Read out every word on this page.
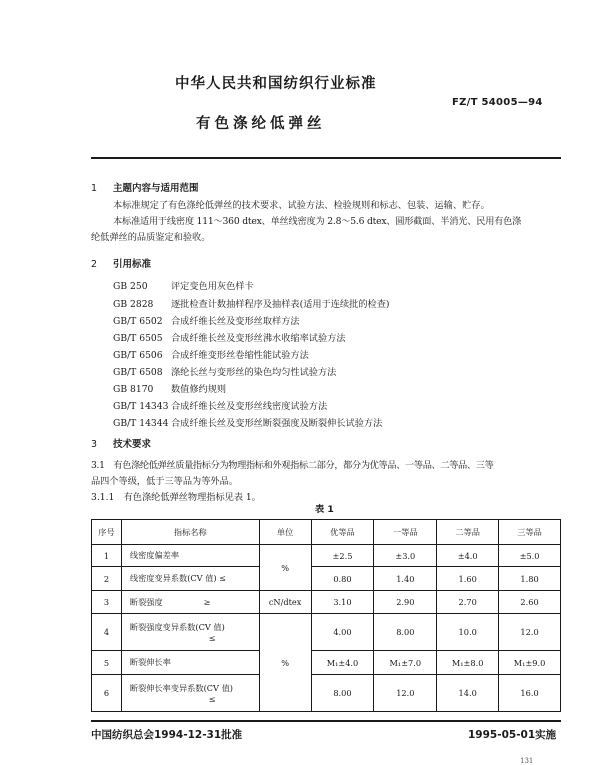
中华人民共和国纺织行业标准
FZ/T 54005—94
有色涤纶低弹丝
1 主题内容与适用范围
本标准规定了有色涤纶低弹丝的技术要求、试验方法、检验规则和标志、包装、运输、贮存。
本标准适用于线密度 111～360 dtex、单丝线密度为 2.8～5.6 dtex、圆形截面、半消光、民用有色涤
纶低弹丝的品质鉴定和验收。
2 引用标准
GB 250	评定变色用灰色样卡
GB 2828 逐批检查计数抽样程序及抽样表(适用于连续批的检查)
GB/T 6502 合成纤维长丝及变形丝取样方法
GB/T 6505 合成纤维长丝及变形丝沸水收缩率试验方法
GB/T 6506 合成纤维变形丝卷缩性能试验方法
GB/T 6508 涤纶长丝与变形丝的染色均匀性试验方法
GB 8170 数值修约规则
GB/T 14343 合成纤维长丝及变形丝线密度试验方法
GB/T 14344 合成纤维长丝及变形丝断裂强度及断裂伸长试验方法
3 技术要求
3.1　有色涤纶低弹丝质量指标分为物理指标和外观指标二部分，都分为优等品、一等品、二等品、三等
品四个等级，低于三等品为等外品。
3.1.1　有色涤纶低弹丝物理指标见表 1。
表 1
序号	指标名称	单位	优等品	一等品	二等品	三等品
1	线密度偏差率	%	±2.5	±3.0	±4.0	±5.0
2	线密度变异系数(CV 值) ≤		0.80	1.40	1.60	1.80
3	断裂强度　　　　　≥	cN/dtex	3.10	2.90	2.70	2.60
4	断裂强度变异系数(CV 值)
≤	%	4.00	8.00	10.0	12.0
5	断裂伸长率		M₁±4.0	M₁±7.0	M₁±8.0	M₁±9.0
6	断裂伸长率变异系数(CV 值)
≤		8.00	12.0	14.0	16.0
中国纺织总会1994-12-31批准	1995-05-01实施
131
